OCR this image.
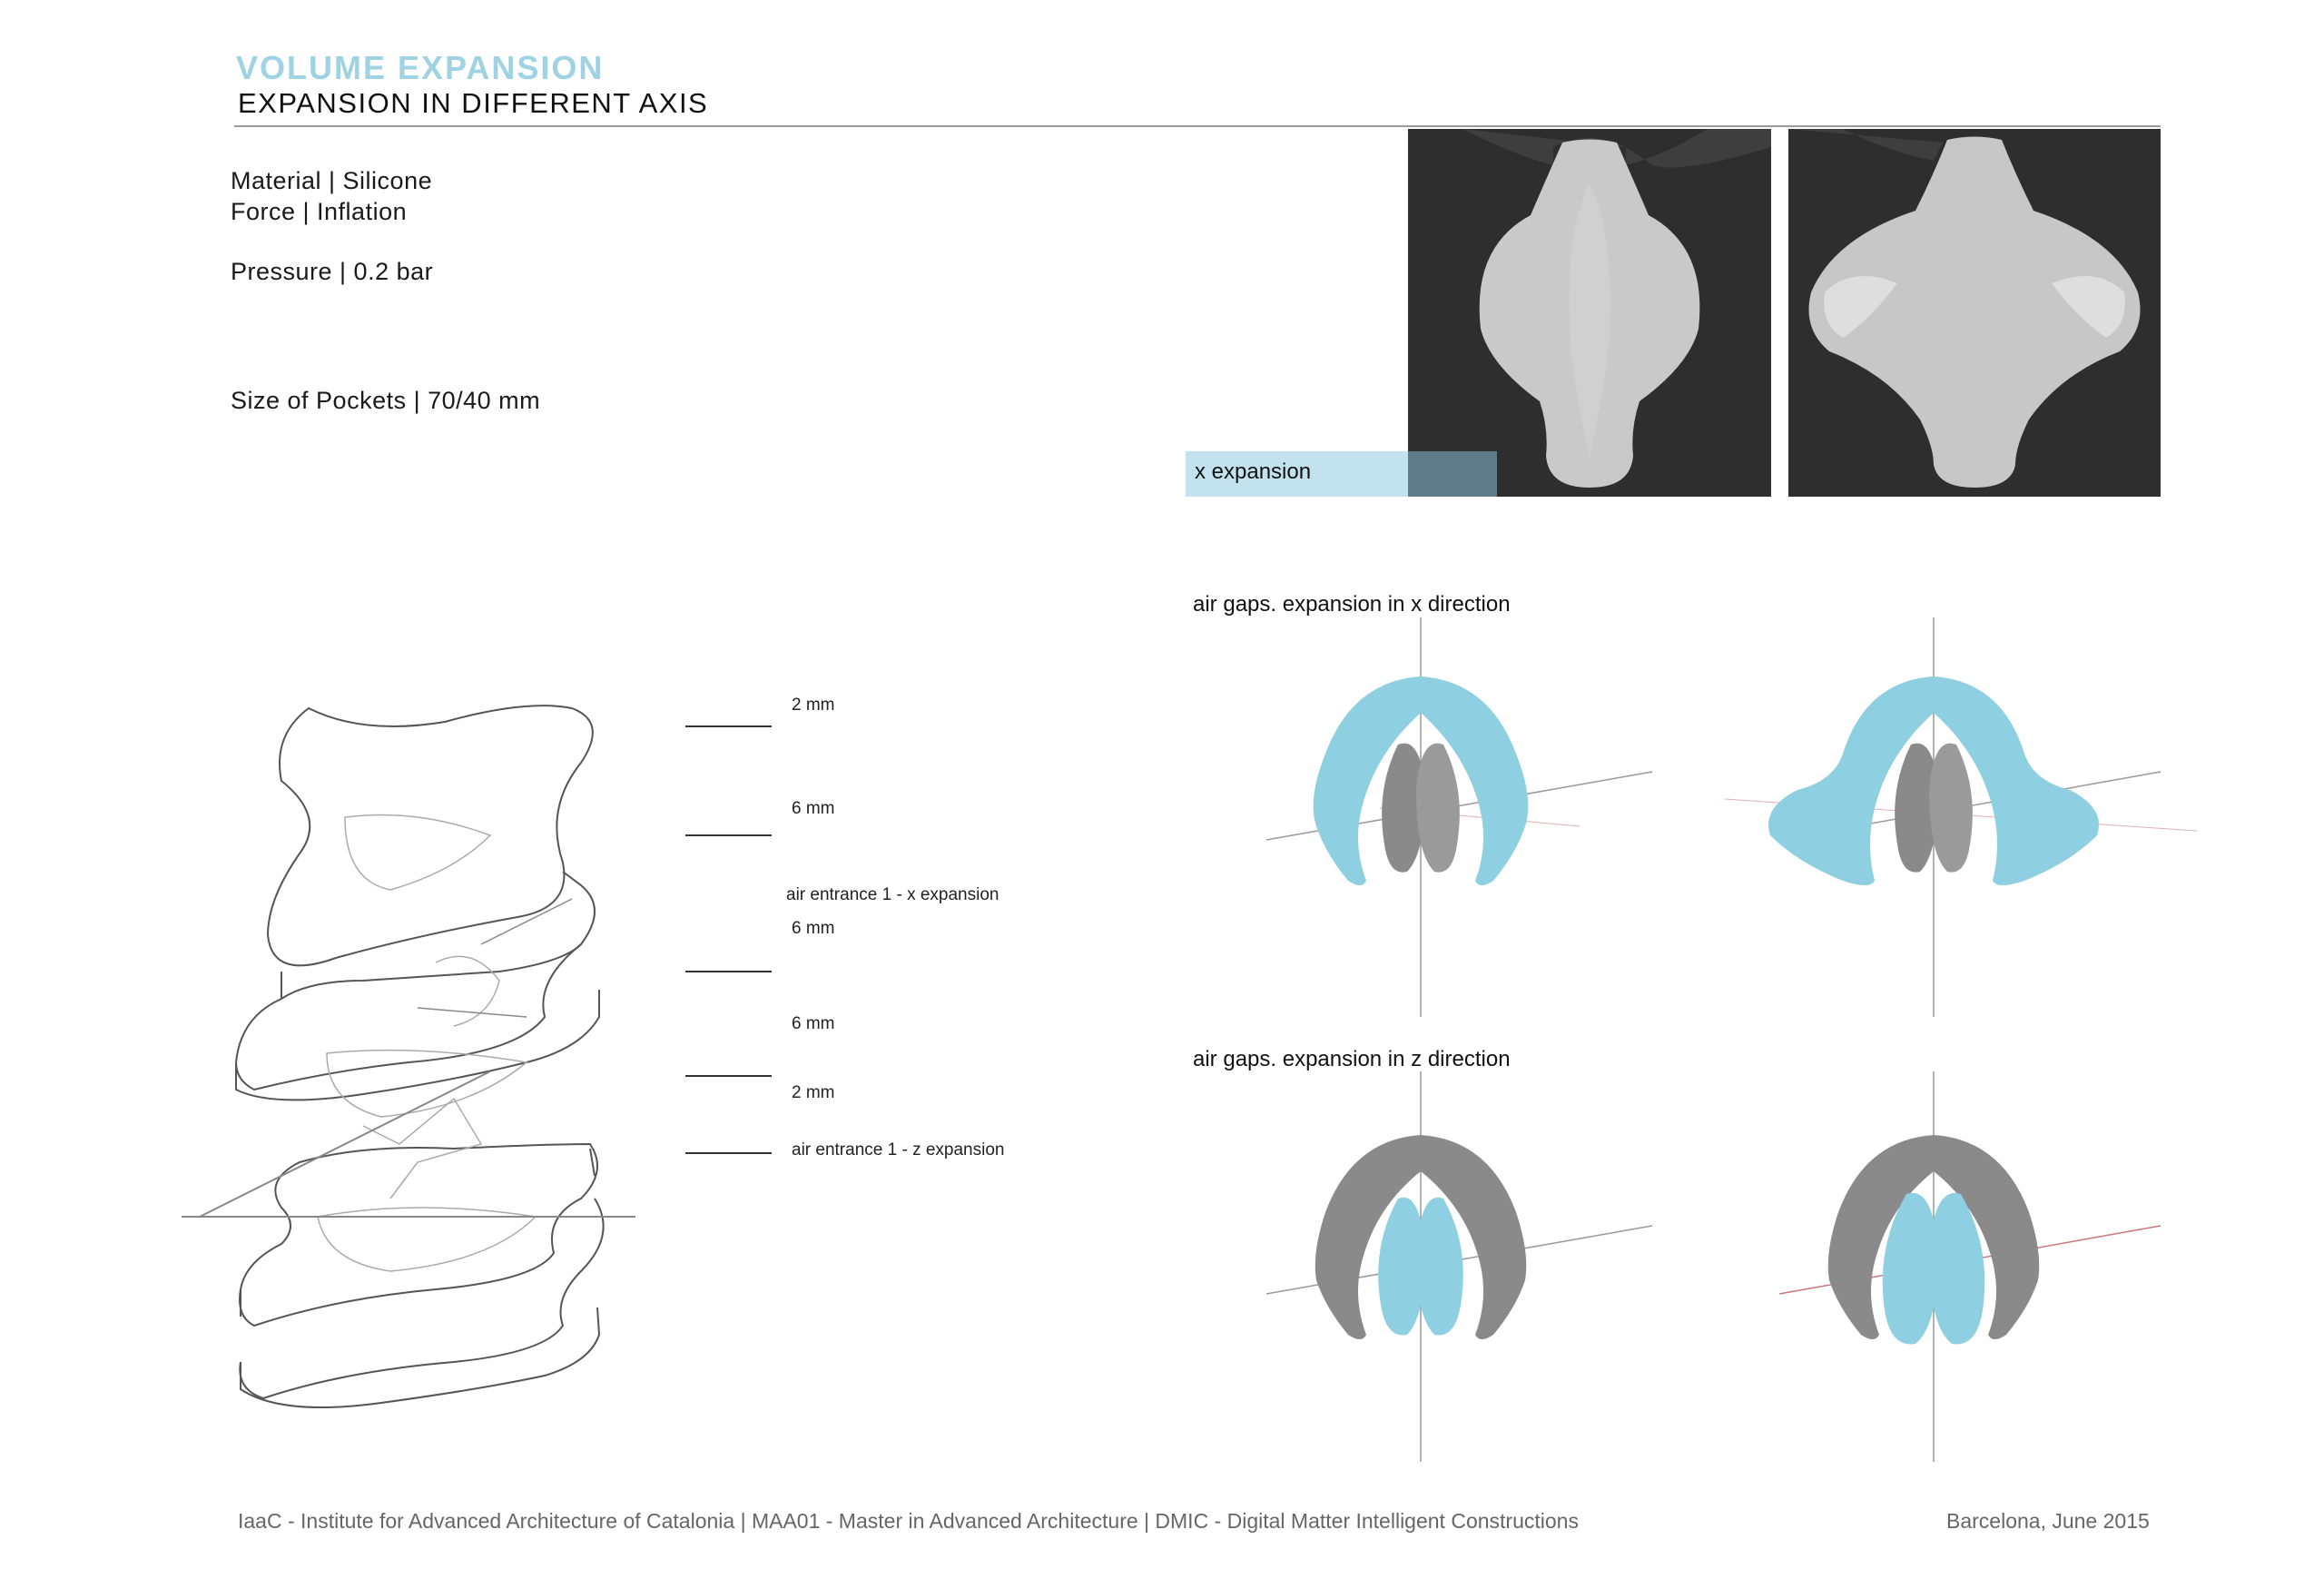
VOLUME EXPANSION
EXPANSION IN DIFFERENT AXIS
Material | Silicone
Force | Inflation
Pressure | 0.2 bar
Size of Pockets | 70/40 mm
x expansion
2 mm
6 mm
air entrance 1 - x expansion
6 mm
6 mm
2 mm
air entrance 1 - z expansion
air gaps. expansion in x direction
air gaps. expansion in z direction
IaaC - Institute for Advanced Architecture of Catalonia | MAA01 - Master in Advanced Architecture | DMIC - Digital Matter Intelligent Constructions	Barcelona, June 2015
